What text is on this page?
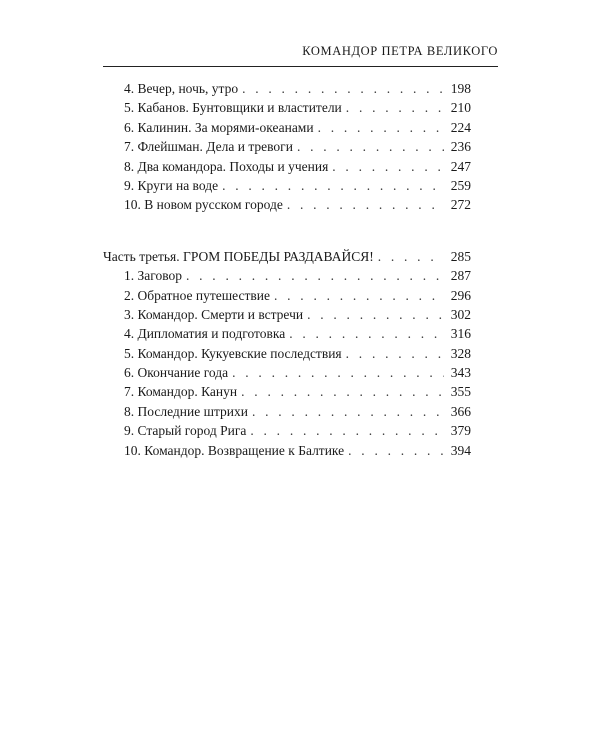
КОМАНДОР ПЕТРА ВЕЛИКОГО
4. Вечер, ночь, утро . . .	198
5. Кабанов. Бунтовщики и властители . . .	210
6. Калинин. За морями-океанами . . .	224
7. Флейшман. Дела и тревоги . . .	236
8. Два командора. Походы и учения . . .	247
9. Круги на воде . . .	259
10. В новом русском городе . . .	272
Часть третья. ГРОМ ПОБЕДЫ РАЗДАВАЙСЯ! . . .	285
1. Заговор . . .	287
2. Обратное путешествие . . .	296
3. Командор. Смерти и встречи . . .	302
4. Дипломатия и подготовка . . .	316
5. Командор. Кукуевские последствия . . .	328
6. Окончание года . . .	343
7. Командор. Канун . . .	355
8. Последние штрихи . . .	366
9. Старый город Рига . . .	379
10. Командор. Возвращение к Балтике . . .	394
